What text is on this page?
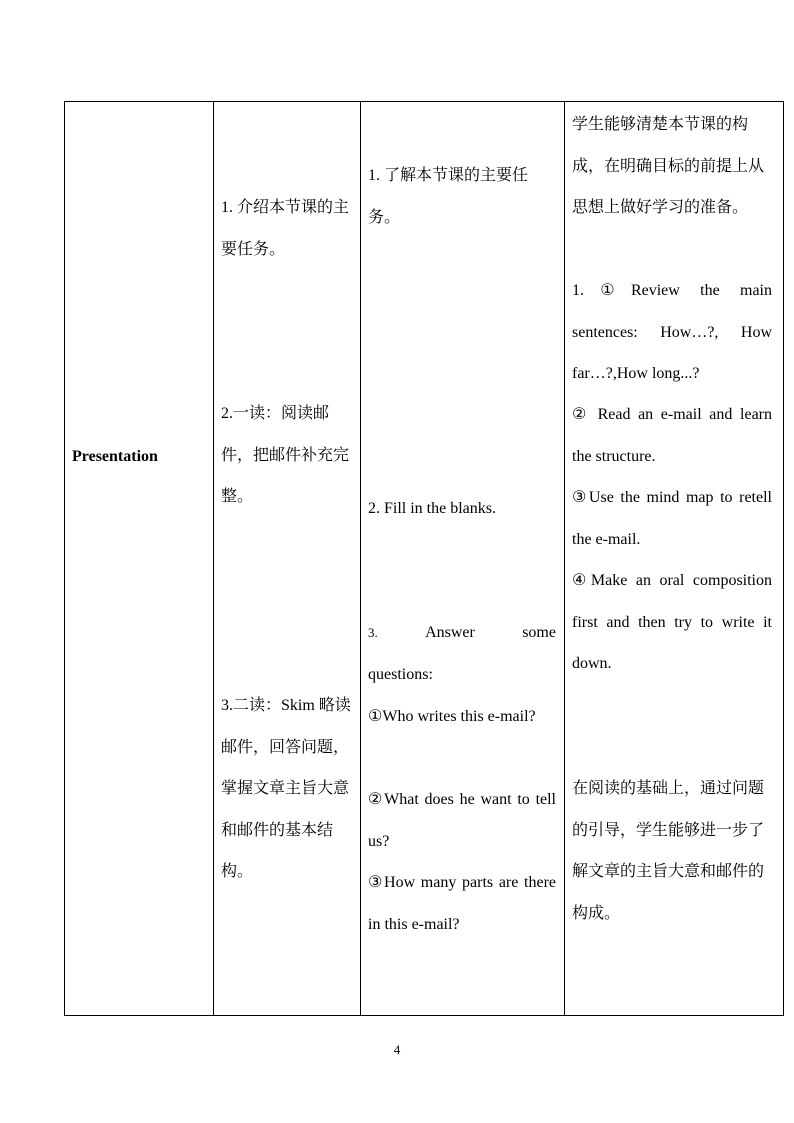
Presentation
1. 介绍本节课的主要任务。
2.一读：阅读邮件，把邮件补充完整。
3.二读：Skim 略读邮件，回答问题，掌握文章主旨大意和邮件的基本结构。
1. 了解本节课的主要任务。
2. Fill in the blanks.
3.	Answer	some
questions:
①Who writes this e-mail?
②What does he want to tell us?
③How many parts are there in this e-mail?
学生能够清楚本节课的构成，在明确目标的前提上从思想上做好学习的准备。
1.①Review the main sentences: How…?, How far…?,How long...?
② Read an e-mail and learn the structure.
③Use the mind map to retell the e-mail.
④Make an oral composition first and then try to write it down.
在阅读的基础上，通过问题的引导，学生能够进一步了解文章的主旨大意和邮件的构成。
4
